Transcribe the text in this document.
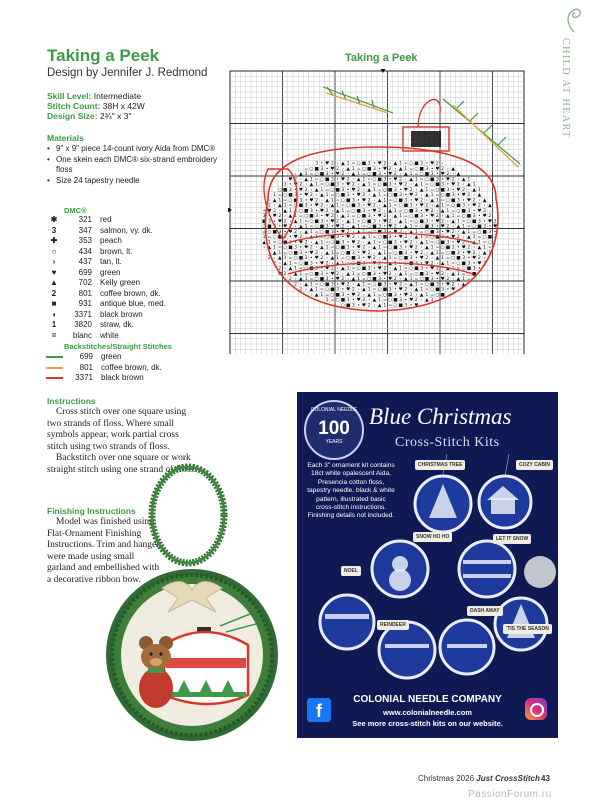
Taking a Peek
Design by Jennifer J. Redmond
Skill Level: Intermediate
Stitch Count: 38H x 42W
Design Size: 2¾" x 3"
Materials
• 9" x 9" piece 14-count ivory Aida from DMC®
• One skein each DMC® six-strand embroidery floss
• Size 24 tapestry needle
DMC®
✱	321	red
3	347	salmon, vy. dk.
✚	353	peach
○	434	brown, lt.
›	437	tan, lt.
♥	699	green
▲	702	Kelly green
2	801	coffee brown, dk.
■	931	antique blue, med.
◖	3371	black brown
1	3820	straw, dk.
=	blanc	white
Backstitches/Straight Stitches
699	green
801	coffee brown, dk.
3371	black brown
Instructions

Cross stitch over one square using two strands of floss. Where small symbols appear, work partial cross stitch using two strands of floss.

Backstitch over one square or work straight stitch using one strand of floss.

Finishing Instructions

Model was finished using Flat-Ornament Finishing Instructions. Trim and hanger were made using small garland and embellished with a decorative ribbon bow.

Taking a Peek
3 • ♥ 2 › ▲ 1 = ○ ■ 3 • ♥ 2 › ▲ 1 = ○ ■ 3 • ♥ 2 ›
= ○ ■ 3 • ♥ 2 › ▲ 1 = ○ ■ 3 • ♥ 2 › ▲ 1 = ○ ■ 3 • ♥ 2 › ▲
› ▲ 1 = ○ ■ 3 • ♥ 2 › ▲ 1 = ○ ■ 3 • ♥ 2 › ▲ 1 = ○ ■ 3 • ♥ 2 › ▲
♥ 2 › ▲ 1 = ○ ■ 3 • ♥ 2 › ▲ 1 = ○ ■ 3 • ♥ 2 › ▲ 1 = ○ ■ 3 • ♥ 2 › ▲ 1
3 • ♥ 2 › ▲ 1 = ○ ■ 3 • ♥ 2 › ▲ 1 = ○ ■ 3 • ♥ 2 › ▲ 1 = ○ ■ 3 • ♥ 2 › ▲ 1
○ ■ 3 • ♥ 2 › ▲ 1 = ○ ■ 3 • ♥ 2 › ▲ 1 = ○ ■ 3 • ♥ 2 › ▲ 1 = ○ ■ 3 • ♥ 2 › ▲ 1
1 = ○ ■ 3 • ♥ 2 › ▲ 1 = ○ ■ 3 • ♥ 2 › ▲ 1 = ○ ■ 3 • ♥ 2 › ▲ 1 = ○ ■ 3 • ♥ 2 › ▲
› ▲ 1 = ○ ■ 3 • ♥ 2 › ▲ 1 = ○ ■ 3 • ♥ 2 › ▲ 1 = ○ ■ 3 • ♥ 2 › ▲ 1 = ○ ■ 3 • ♥ 2 › ▲
2 › ▲ 1 = ○ ■ 3 • ♥ 2 › ▲ 1 = ○ ■ 3 • ♥ 2 › ▲ 1 = ○ ■ 3 • ♥ 2 › ▲ 1 = ○ ■ 3 • ♥ 2 › ▲
• ♥ 2 › ▲ 1 = ○ ■ 3 • ♥ 2 › ▲ 1 = ○ ■ 3 • ♥ 2 › ▲ 1 = ○ ■ 3 • ♥ 2 › ▲ 1 = ○ ■ 3 • ♥ 2 ›
3 • ♥ 2 › ▲ 1 = ○ ■ 3 • ♥ 2 › ▲ 1 = ○ ■ 3 • ♥ 2 › ▲ 1 = ○ ■ 3 • ♥ 2 › ▲ 1 = ○ ■ 3 • ♥ 2
■ 3 • ♥ 2 › ▲ 1 = ○ ■ 3 • ♥ 2 › ▲ 1 = ○ ■ 3 • ♥ 2 › ▲ 1 = ○ ■ 3 • ♥ 2 › ▲ 1 = ○ ■ 3 • ♥ 2
○ ■ 3 • ♥ 2 › ▲ 1 = ○ ■ 3 • ♥ 2 › ▲ 1 = ○ ■ 3 • ♥ 2 › ▲ 1 = ○ ■ 3 • ♥ 2 › ▲ 1 = ○ ■ 3 • ♥
= ○ ■ 3 • ♥ 2 › ▲ 1 = ○ ■ 3 • ♥ 2 › ▲ 1 = ○ ■ 3 • ♥ 2 › ▲ 1 = ○ ■ 3 • ♥ 2 › ▲ 1 = ○ ■ 3 •
1 = ○ ■ 3 • ♥ 2 › ▲ 1 = ○ ■ 3 • ♥ 2 › ▲ 1 = ○ ■ 3 • ♥ 2 › ▲ 1 = ○ ■ 3 • ♥ 2 › ▲ 1 = ○ ■ 3
▲ 1 = ○ ■ 3 • ♥ 2 › ▲ 1 = ○ ■ 3 • ♥ 2 › ▲ 1 = ○ ■ 3 • ♥ 2 › ▲ 1 = ○ ■ 3 • ♥ 2 › ▲ 1 = ○
› ▲ 1 = ○ ■ 3 • ♥ 2 › ▲ 1 = ○ ■ 3 • ♥ 2 › ▲ 1 = ○ ■ 3 • ♥ 2 › ▲ 1 = ○ ■ 3 • ♥ 2 › ▲ 1 =
› ▲ 1 = ○ ■ 3 • ♥ 2 › ▲ 1 = ○ ■ 3 • ♥ 2 › ▲ 1 = ○ ■ 3 • ♥ 2 › ▲ 1 = ○ ■ 3 • ♥ 2 › ▲ 1
2 › ▲ 1 = ○ ■ 3 • ♥ 2 › ▲ 1 = ○ ■ 3 • ♥ 2 › ▲ 1 = ○ ■ 3 • ♥ 2 › ▲ 1 = ○ ■ 3 • ♥ 2 ›
2 › ▲ 1 = ○ ■ 3 • ♥ 2 › ▲ 1 = ○ ■ 3 • ♥ 2 › ▲ 1 = ○ ■ 3 • ♥ 2 › ▲ 1 = ○ ■ 3 • ♥ 2
2 › ▲ 1 = ○ ■ 3 • ♥ 2 › ▲ 1 = ○ ■ 3 • ♥ 2 › ▲ 1 = ○ ■ 3 • ♥ 2 › ▲ 1 = ○ ■ 3 •
♥ 2 › ▲ 1 = ○ ■ 3 • ♥ 2 › ▲ 1 = ○ ■ 3 • ♥ 2 › ▲ 1 = ○ ■ 3 • ♥ 2 › ▲ 1 = ○ ■
2 › ▲ 1 = ○ ■ 3 • ♥ 2 › ▲ 1 = ○ ■ 3 • ♥ 2 › ▲ 1 = ○ ■ 3 • ♥ 2 › ▲ 1 =
2 › ▲ 1 = ○ ■ 3 • ♥ 2 › ▲ 1 = ○ ■ 3 • ♥ 2 › ▲ 1 = ○ ■ 3 • ♥ 2 › ▲
2 › ▲ 1 = ○ ■ 3 • ♥ 2 › ▲ 1 = ○ ■ 3 • ♥ 2 › ▲ 1 = ○ ■ 3 • ♥
› ▲ 1 = ○ ■ 3 • ♥ 2 › ▲ 1 = ○ ■ 3 • ♥ 2 › ▲ 1 = ○ ■
1 = ○ ■ 3 • ♥ 2 › ▲ 1 = ○ ■ 3 • ♥ 2 › ▲ 1
○ ■ 3 • ♥ 2 › ▲ 1 = ○ ■ 3 • ♥
CHILD AT HEART
COLONIAL NEEDLE
100
YEARS
Blue Christmas
Cross-Stitch Kits
Each 3" ornament kit contains 18ct white opalescent Aida, Presencia cotton floss, tapestry needle, black & white pattern, illustrated basic cross-stitch instructions. Finishing details not included.
CHRISTMAS TREE	COZY CABIN
SNOW HO HO	LET IT SNOW
NOEL
REINDEER
DASH AWAY
'TIS THE SEASON
f
COLONIAL NEEDLE COMPANY
www.colonialneedle.com
See more cross-stitch kits on our website.
Christmas 2026 Just CrossStitch 43
PassionForum.ru
